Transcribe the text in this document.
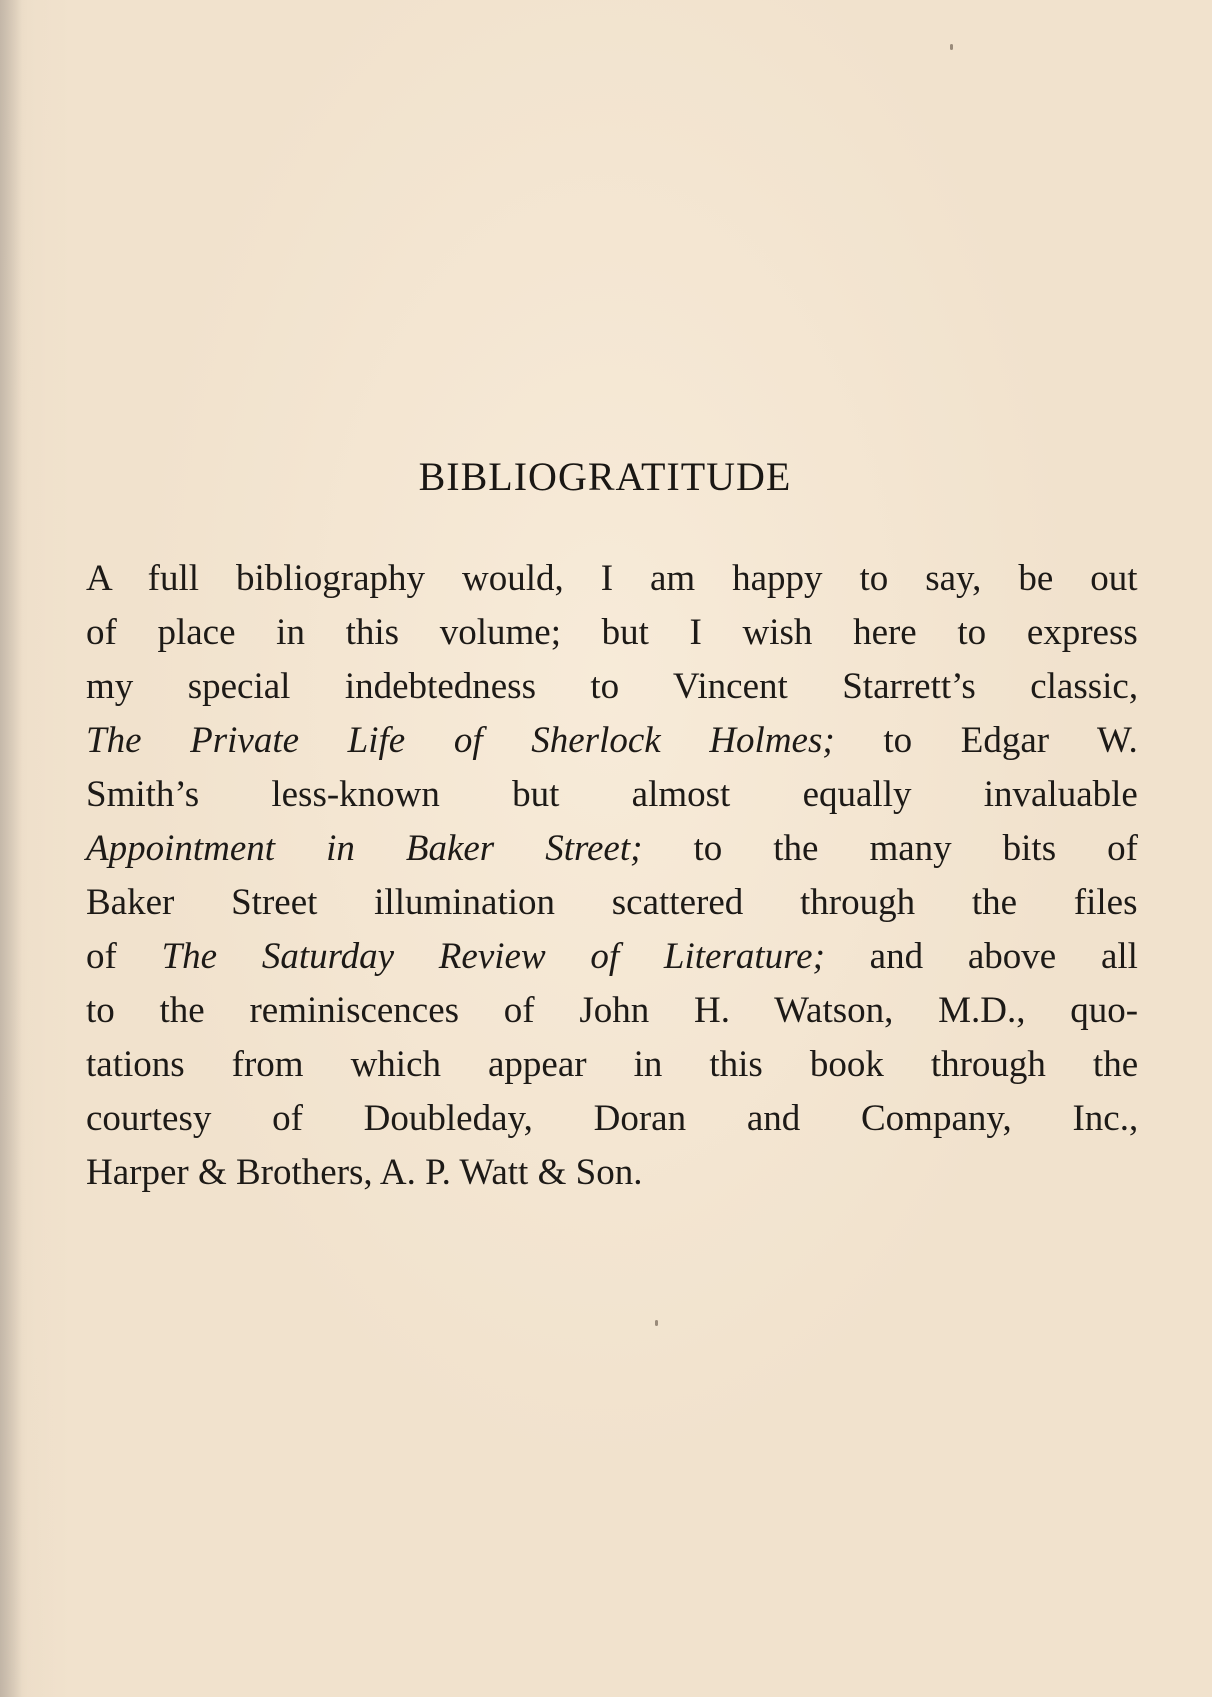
BIBLIOGRATITUDE
A full bibliography would, I am happy to say, be out
of place in this volume; but I wish here to express
my special indebtedness to Vincent Starrett’s classic,
The Private Life of Sherlock Holmes; to Edgar W.
Smith’s less-known but almost equally invaluable
Appointment in Baker Street; to the many bits of
Baker Street illumination scattered through the files
of The Saturday Review of Literature; and above all
to the reminiscences of John H. Watson, M.D., quo-
tations from which appear in this book through the
courtesy of Doubleday, Doran and Company, Inc.,
Harper & Brothers, A. P. Watt & Son.
